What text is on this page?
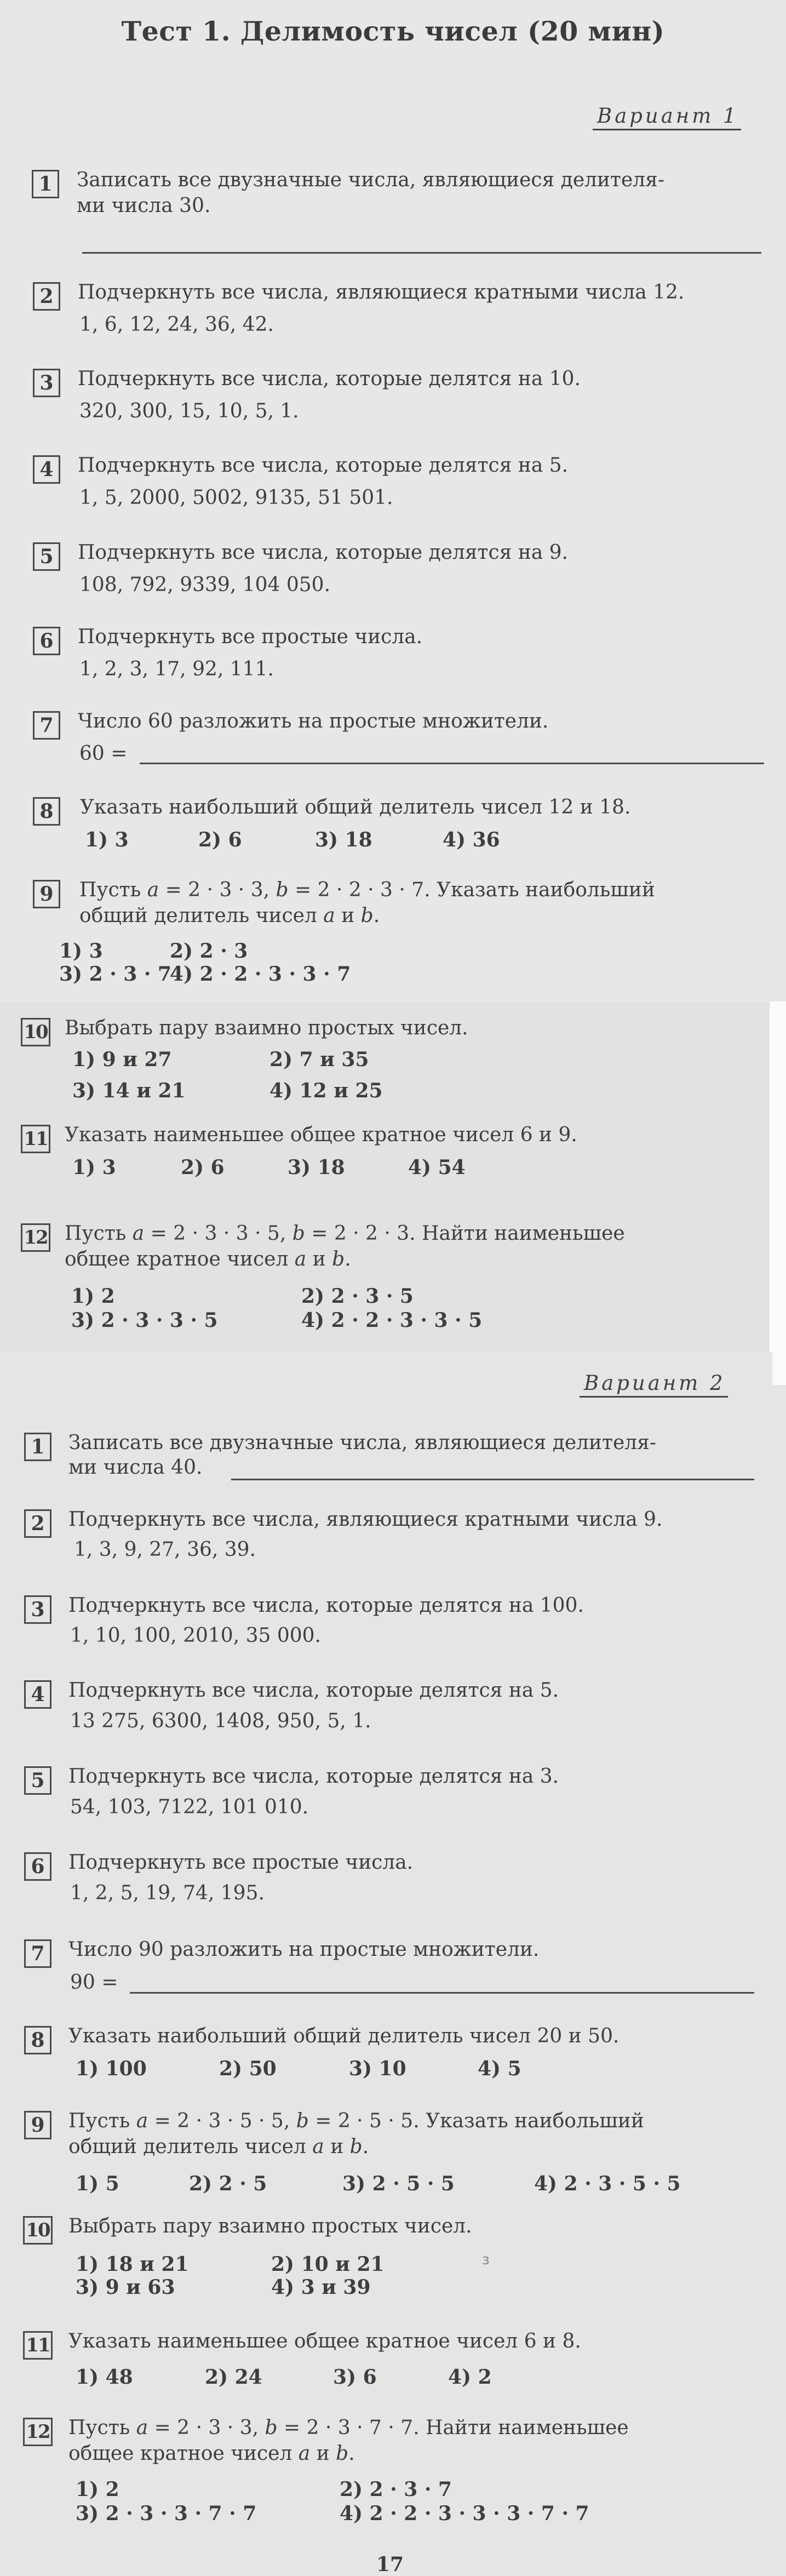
Тест 1. Делимость чисел (20 мин)
Вариант 1
1	Записать все двузначные числа, являющиеся делителя-
ми числа 30.
2	Подчеркнуть все числа, являющиеся кратными числа 12.
1, 6, 12, 24, 36, 42.
3	Подчеркнуть все числа, которые делятся на 10.
320, 300, 15, 10, 5, 1.
4	Подчеркнуть все числа, которые делятся на 5.
1, 5, 2000, 5002, 9135, 51 501.
5	Подчеркнуть все числа, которые делятся на 9.
108, 792, 9339, 104 050.
6	Подчеркнуть все простые числа.
1, 2, 3, 17, 92, 111.
7	Число 60 разложить на простые множители.
60 =
8	Указать наибольший общий делитель чисел 12 и 18.
1) 3	2) 6	3) 18	4) 36
9	Пусть a = 2 · 3 · 3, b = 2 · 2 · 3 · 7. Указать наибольший
общий делитель чисел a и b.
1) 3	2) 2 · 3
3) 2 · 3 · 7
4) 2 · 2 · 3 · 3 · 7
10 Выбрать пару взаимно простых чисел.
1) 9 и 27	2) 7 и 35
3) 14 и 21	4) 12 и 25
11 Указать наименьшее общее кратное чисел 6 и 9.
1) 3	2) 6	3) 18	4) 54
12 Пусть a = 2 · 3 · 3 · 5, b = 2 · 2 · 3. Найти наименьшее
общее кратное чисел a и b.
1) 2	2) 2 · 3 · 5
3) 2 · 3 · 3 · 5	4) 2 · 2 · 3 · 3 · 5
Вариант 2
1	Записать все двузначные числа, являющиеся делителя-
ми числа 40.
2	Подчеркнуть все числа, являющиеся кратными числа 9.
1, 3, 9, 27, 36, 39.
3	Подчеркнуть все числа, которые делятся на 100.
1, 10, 100, 2010, 35 000.
4	Подчеркнуть все числа, которые делятся на 5.
13 275, 6300, 1408, 950, 5, 1.
5	Подчеркнуть все числа, которые делятся на 3.
54, 103, 7122, 101 010.
6	Подчеркнуть все простые числа.
1, 2, 5, 19, 74, 195.
7	Число 90 разложить на простые множители.
90 =
8	Указать наибольший общий делитель чисел 20 и 50.
1) 100	2) 50	3) 10	4) 5
9	Пусть a = 2 · 3 · 5 · 5, b = 2 · 5 · 5. Указать наибольший
общий делитель чисел a и b.
1) 5	2) 2 · 5	3) 2 · 5 · 5	4) 2 · 3 · 5 · 5
10 Выбрать пару взаимно простых чисел.
1) 18 и 21	2) 10 и 21
3) 9 и 63	4) 3 и 39
з
11 Указать наименьшее общее кратное чисел 6 и 8.
1) 48	2) 24	3) 6	4) 2
12 Пусть a = 2 · 3 · 3, b = 2 · 3 · 7 · 7. Найти наименьшее
общее кратное чисел a и b.
1) 2	2) 2 · 3 · 7
3) 2 · 3 · 3 · 7 · 7	4) 2 · 2 · 3 · 3 · 3 · 7 · 7
17
